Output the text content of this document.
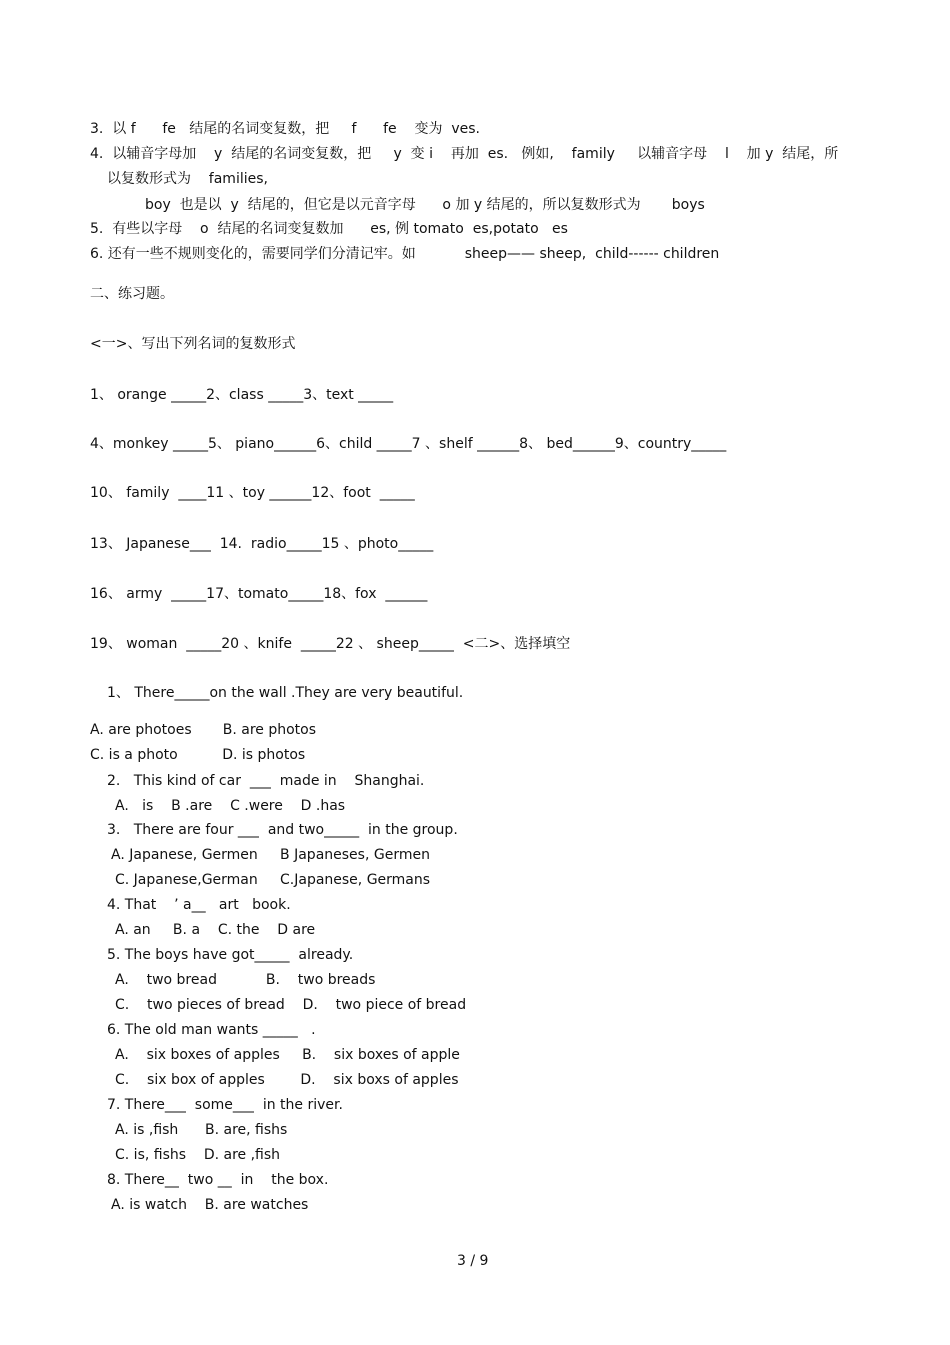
3.  以 f      fe   结尾的名词变复数，把     f      fe    变为  ves.
4.  以辅音字母加    y  结尾的名词变复数，把     y  变 i    再加  es.   例如,    family     以辅音字母    l    加 y  结尾，所
以复数形式为    families,
boy  也是以  y  结尾的，但它是以元音字母      o 加 y 结尾的，所以复数形式为       boys
5.  有些以字母    o  结尾的名词变复数加      es, 例 tomato  es,potato   es
6. 还有一些不规则变化的，需要同学们分清记牢。如           sheep—— sheep,  child------ children
二、练习题。
<一>、写出下列名词的复数形式
1、 orange _____2、class _____3、text _____
4、monkey _____5、 piano______6、child _____7 、shelf ______8、 bed______9、country_____
10、 family  ____11 、toy ______12、foot  _____
13、 Japanese___  14.  radio_____15 、photo_____
16、 army  _____17、tomato_____18、fox  ______
19、 woman  _____20 、knife  _____22 、 sheep_____  <二>、选择填空
1、 There_____on the wall .They are very beautiful.
A. are photoes       B. are photos
C. is a photo          D. is photos
2.   This kind of car  ___  made in    Shanghai.
A.   is    B .are    C .were    D .has
3.   There are four ___  and two_____  in the group.
A. Japanese, Germen     B Japaneses, Germen
C. Japanese,German     C.Japanese, Germans
4. That    ’ a__   art   book.
A. an     B. a    C. the    D are
5. The boys have got_____  already.
A.    two bread           B.    two breads
C.    two pieces of bread    D.    two piece of bread
6. The old man wants _____   .
A.    six boxes of apples     B.    six boxes of apple
C.    six box of apples        D.    six boxs of apples
7. There___  some___  in the river.
A. is ,fish      B. are, fishs
C. is, fishs    D. are ,fish
8. There__  two __  in    the box.
A. is watch    B. are watches
3 / 9
